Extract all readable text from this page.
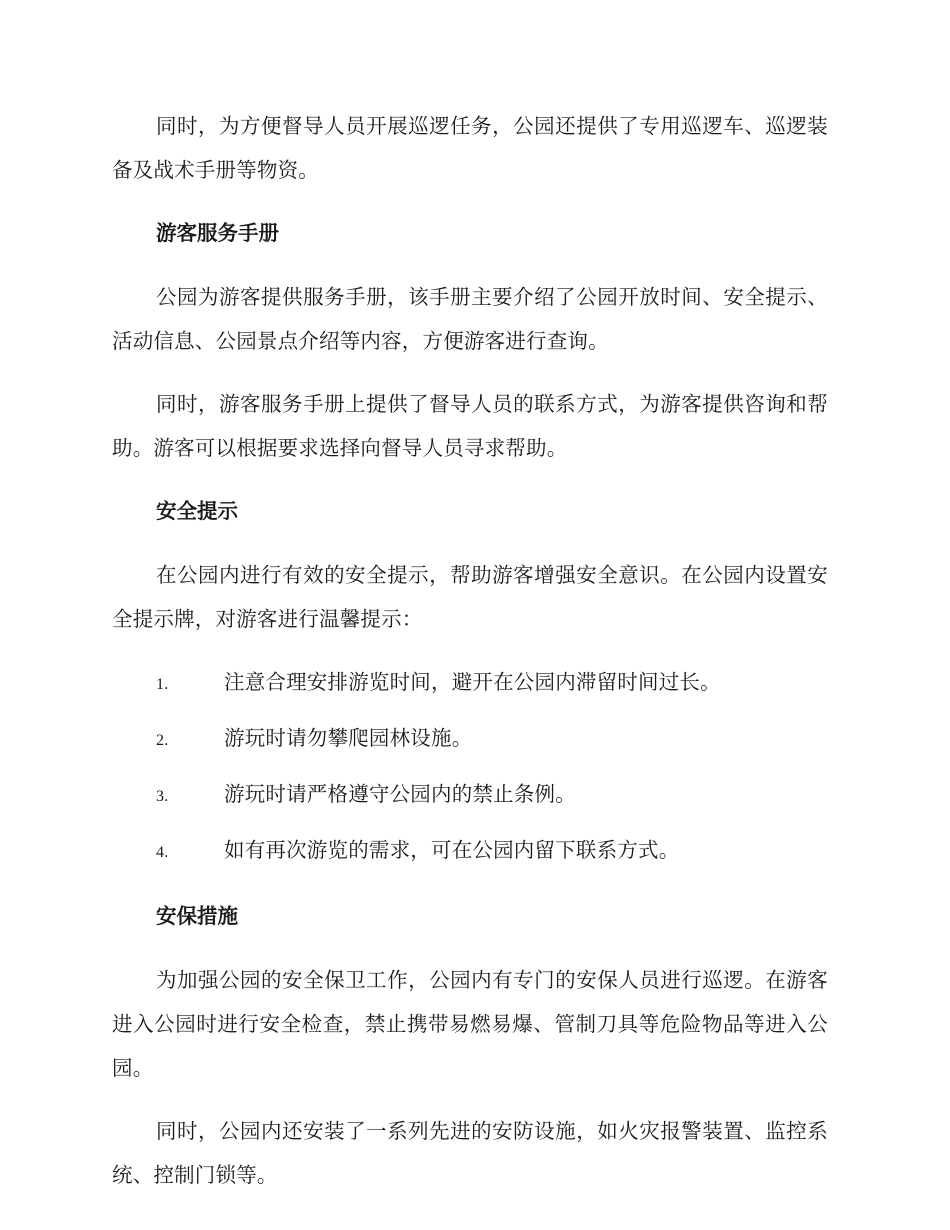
同时，为方便督导人员开展巡逻任务，公园还提供了专用巡逻车、巡逻装备及战术手册等物资。

游客服务手册

公园为游客提供服务手册，该手册主要介绍了公园开放时间、安全提示、活动信息、公园景点介绍等内容，方便游客进行查询。

同时，游客服务手册上提供了督导人员的联系方式，为游客提供咨询和帮助。游客可以根据要求选择向督导人员寻求帮助。

安全提示

在公园内进行有效的安全提示，帮助游客增强安全意识。在公园内设置安全提示牌，对游客进行温馨提示：

1.	注意合理安排游览时间，避开在公园内滞留时间过长。
2.	游玩时请勿攀爬园林设施。
3.	游玩时请严格遵守公园内的禁止条例。
4.	如有再次游览的需求，可在公园内留下联系方式。
安保措施

为加强公园的安全保卫工作，公园内有专门的安保人员进行巡逻。在游客进入公园时进行安全检查，禁止携带易燃易爆、管制刀具等危险物品等进入公园。

同时，公园内还安装了一系列先进的安防设施，如火灾报警装置、监控系统、控制门锁等。
